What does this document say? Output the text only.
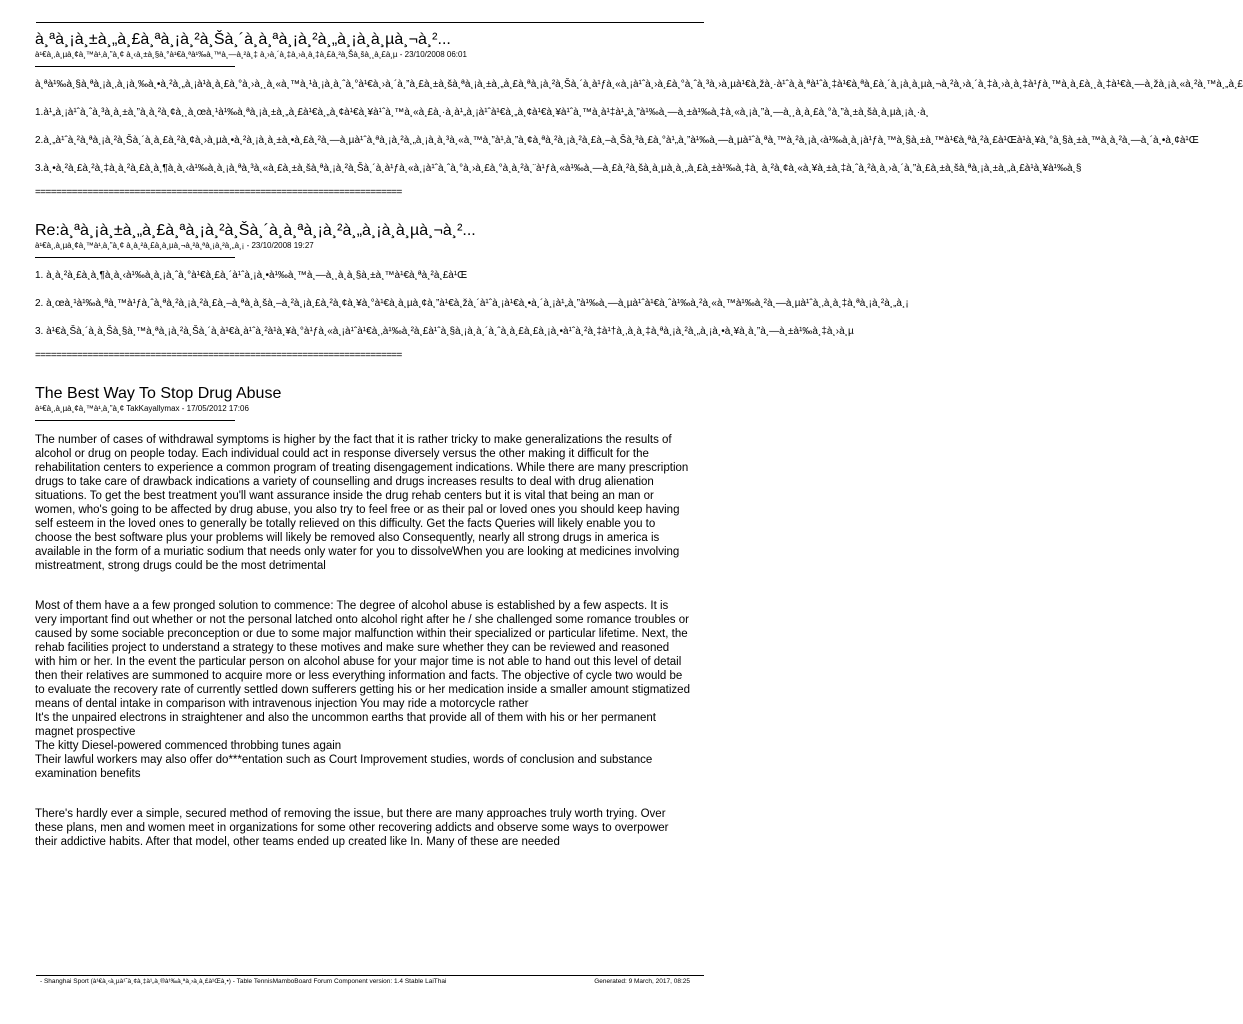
à¸ªà¸¡à¸±à¸„à¸£à¸ªà¸¡à¸²à¸Šà¸´à¸à¸ªà¸¡à¸²à¸„à¸¡à¸à¸µà¸¬à¸²...
à¹€à¸‚à¸µà¸¢à¸™à¹‚à¸”à¸¢ à¸‹à¸±à¸§à¸°à¹€à¸ªà¹‰à¸™à¸—à¸²à¸‡ à¸›à¸´à¸‡à¸›à¸à¸‡à¸£à¸²à¸Šà¸šà¸¸à¸£à¸µ - 23/10/2008 06:01

à¸ªà¹‰à¸§à¸ªà¸¡à¸‚à¸¡à¸‰à¸•à¸²à¸„à¸¡à¹à¸à¸£à¸°à¸›à¸¸à¸«à¸™à¸¹à¸¡à¸à¸ˆà¸°à¹€à¸›à¸´à¸”à¸£à¸±à¸šà¸ªà¸¡à¸±à¸„à¸£à¸ªà¸¡à¸²à¸Šà¸´à¸à¹ƒà¸«à¸¡à¹ˆà¸›à¸£à¸°à¸ˆà¸³à¸›à¸µà¹€à¸žà¸·à¹ˆà¸à¸ªà¹ˆà¸‡à¹€à¸ªà¸£à¸´à¸¡à¸à¸µà¸¬à¸²à¸›à¸´à¸‡à¸›à¸à¸‡à¹ƒà¸™à¸à¸£à¸¸à¸‡à¹€à¸—à¸žà¸¡à¸«à¸²à¸™à¸„à¸£

1.à¹„à¸¡à¹ˆà¸ˆà¸³à¸à¸±à¸”à¸à¸²à¸¢à¸¸à¸œà¸¹à¹‰à¸ªà¸¡à¸±à¸„à¸£à¹€à¸„à¸¢à¹€à¸¥à¹ˆà¸™à¸«à¸£à¸·à¸à¹„à¸¡à¹ˆà¹€à¸„à¸¢à¹€à¸¥à¹ˆà¸™à¸à¹‡à¹„à¸”à¹‰à¸—à¸±à¹‰à¸‡à¸«à¸¡à¸”à¸—à¸¸à¸à¸£à¸°à¸”à¸±à¸šà¸à¸µà¸¡à¸·à¸

2.à¸„à¹ˆà¸²à¸ªà¸¡à¸²à¸Šà¸´à¸à¸£à¸²à¸¢à¸›à¸µà¸•à¸²à¸¡à¸à¸±à¸•à¸£à¸²à¸—à¸µà¹ˆà¸ªà¸¡à¸²à¸„à¸¡à¸à¸³à¸«à¸™à¸”à¹‚à¸”à¸¢à¸ªà¸²à¸¡à¸²à¸£à¸–à¸Šà¸³à¸£à¸°à¹„à¸”à¹‰à¸—à¸µà¹ˆà¸ªà¸™à¸²à¸¡à¸‹à¹‰à¸à¸¡à¹ƒà¸™à¸§à¸±à¸™à¹€à¸ªà¸²à¸£à¹Œà¹à¸¥à¸°à¸§à¸±à¸™à¸à¸²à¸—à¸´à¸•à¸¢à¹Œ

3.à¸•à¸²à¸£à¸²à¸‡à¸à¸²à¸£à¸à¸¶à¸à¸‹à¹‰à¸à¸¡à¸ªà¸³à¸«à¸£à¸±à¸šà¸ªà¸¡à¸²à¸Šà¸´à¸à¹ƒà¸«à¸¡à¹ˆà¸ˆà¸°à¸›à¸£à¸°à¸à¸²à¸¨à¹ƒà¸«à¹‰à¸—à¸£à¸²à¸šà¸à¸µà¸à¸„à¸£à¸±à¹‰à¸‡à¸ à¸²à¸¢à¸«à¸¥à¸±à¸‡à¸ˆà¸²à¸à¸›à¸´à¸”à¸£à¸±à¸šà¸ªà¸¡à¸±à¸„à¸£à¹à¸¥à¹‰à¸§

======================================================================
Re:à¸ªà¸¡à¸±à¸„à¸£à¸ªà¸¡à¸²à¸Šà¸´à¸à¸ªà¸¡à¸²à¸„à¸¡à¸à¸µà¸¬à¸²...
à¹€à¸‚à¸µà¸¢à¸™à¹‚à¸”à¸¢ à¸à¸²à¸£à¸à¸µà¸¬à¸²à¸ªà¸¡à¸²à¸„à¸¡ - 23/10/2008 19:27

1. à¸à¸²à¸£à¸à¸¶à¸à¸‹à¹‰à¸à¸¡à¸ˆà¸°à¹€à¸£à¸´à¹ˆà¸¡à¸•à¹‰à¸™à¸—à¸¸à¸à¸§à¸±à¸™à¹€à¸ªà¸²à¸£à¹Œ

2. à¸œà¸¹à¹‰à¸ªà¸™à¹ƒà¸ˆà¸ªà¸²à¸¡à¸²à¸£à¸–à¸ªà¸à¸šà¸–à¸²à¸¡à¸£à¸²à¸¢à¸¥à¸°à¹€à¸à¸µà¸¢à¸”à¹€à¸žà¸´à¹ˆà¸¡à¹€à¸•à¸´à¸¡à¹„à¸”à¹‰à¸—à¸µà¹ˆà¹€à¸ˆà¹‰à¸²à¸«à¸™à¹‰à¸²à¸—à¸µà¹ˆà¸‚à¸à¸‡à¸ªà¸¡à¸²à¸„à¸¡

3. à¹€à¸Šà¸´à¸à¸Šà¸§à¸™à¸ªà¸¡à¸²à¸Šà¸´à¸à¹€à¸à¹ˆà¸²à¹à¸¥à¸°à¹ƒà¸«à¸¡à¹ˆà¹€à¸‚à¹‰à¸²à¸£à¹ˆà¸§à¸¡à¸à¸´à¸ˆà¸à¸£à¸£à¸¡à¸•à¹ˆà¸²à¸‡à¹†à¸‚à¸à¸‡à¸ªà¸¡à¸²à¸„à¸¡à¸•à¸¥à¸à¸”à¸—à¸±à¹‰à¸‡à¸›à¸µ

======================================================================
The Best Way To Stop Drug Abuse
à¹€à¸‚à¸µà¸¢à¸™à¹‚à¸”à¸¢ TakKayallymax - 17/05/2012 17:06

The number of cases of withdrawal symptoms is higher by the fact that it is rather tricky to make generalizations the results of alcohol or drug on people today. Each individual could act in response diversely versus the other making it difficult for the rehabilitation centers to experience a common program of treating disengagement indications. While there are many prescription drugs to take care of drawback indications a variety of counselling and drugs increases results to deal with drug alienation situations. To get the best treatment you'll want assurance inside the drug rehab centers but it is vital that being an man or women, who's going to be affected by drug abuse, you also try to feel free or as their pal or loved ones you should keep having self esteem in the loved ones to generally be totally relieved on this difficulty. Get the facts Queries will likely enable you to choose the best software plus your problems will likely be removed also Consequently, nearly all strong drugs in america is available in the form of a muriatic sodium that needs only water for you to dissolveWhen you are looking at medicines involving mistreatment, strong drugs could be the most detrimental

Most of them have a a few pronged solution to commence: The degree of alcohol abuse is established by a few aspects. It is very important find out whether or not the personal latched onto alcohol right after he / she challenged some romance troubles or caused by some sociable preconception or due to some major malfunction within their specialized or particular lifetime. Next, the rehab facilities project to understand a strategy to these motives and make sure whether they can be reviewed and reasoned with him or her. In the event the particular person on alcohol abuse for your major time is not able to hand out this level of detail then their relatives are summoned to acquire more or less everything information and facts. The objective of cycle two would be to evaluate the recovery rate of currently settled down sufferers getting his or her medication inside a smaller amount stigmatized means of dental intake in comparison with intravenous injection You may ride a motorcycle rather
It's the unpaired electrons in straightener and also the uncommon earths that provide all of them with his or her permanent magnet prospective
The kitty Diesel-powered commenced throbbing tunes again
Their lawful workers may also offer do***entation such as Court Improvement studies, words of conclusion and substance examination benefits

There's hardly ever a simple, secured method of removing the issue, but there are many approaches truly worth trying. Over these plans, men and women meet in organizations for some other recovering addicts and observe some ways to overpower their addictive habits. After that model, other teams ended up created like In. Many of these are needed

- Shanghai Sport (à¹€à¸‹à¸µà¹ˆà¸¢à¸‡à¹„à¸®à¹‰à¸ªà¸›à¸à¸£à¹Œà¸•) - Table TennisMamboBoard Forum Component version: 1.4 Stable LaiThai	Generated: 9 March, 2017, 08:25
